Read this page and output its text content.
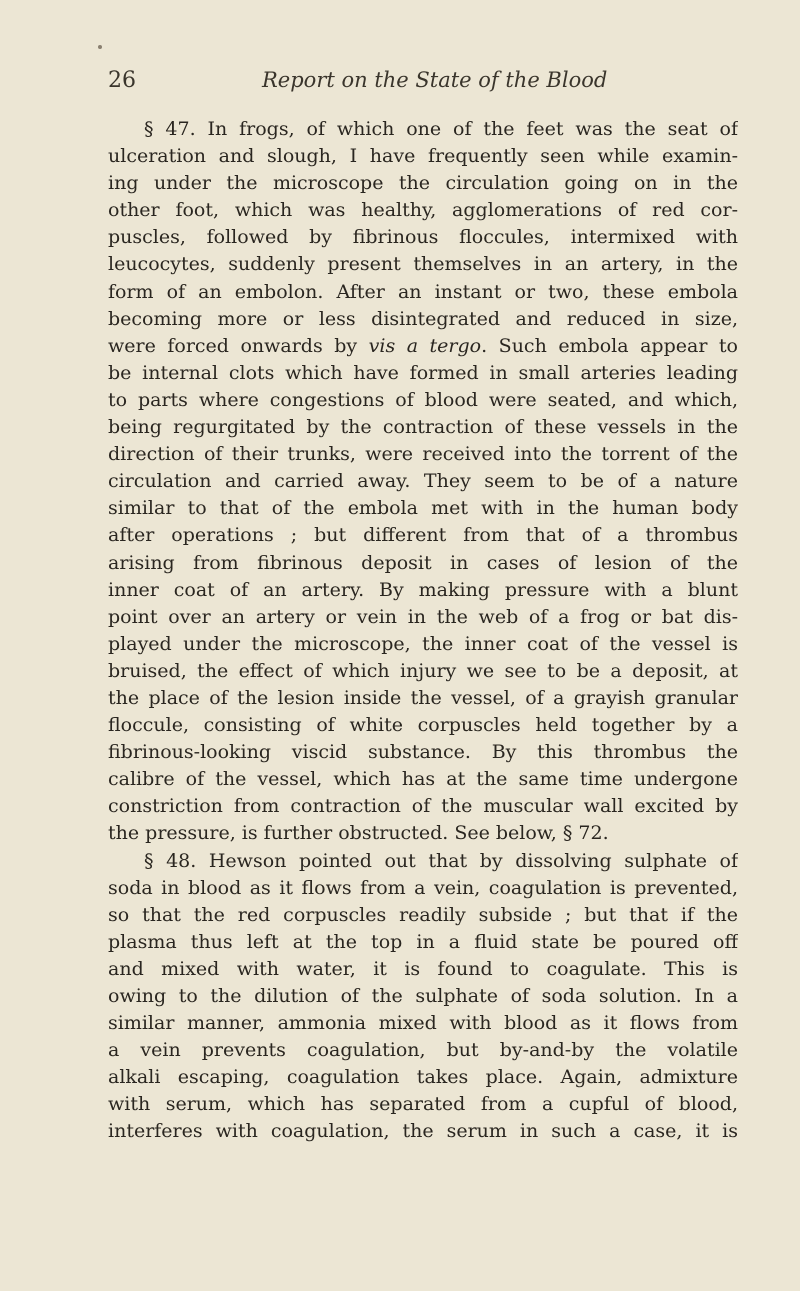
26	Report on the State of the Blood
§ 47. In frogs, of which one of the feet was the seat of
ulceration and slough, I have frequently seen while examin-
ing under the microscope the circulation going on in the
other foot, which was healthy, agglomerations of red cor-
puscles, followed by fibrinous floccules, intermixed with
leucocytes, suddenly present themselves in an artery, in the
form of an embolon. After an instant or two, these embola
becoming more or less disintegrated and reduced in size,
were forced onwards by vis a tergo. Such embola appear to
be internal clots which have formed in small arteries leading
to parts where congestions of blood were seated, and which,
being regurgitated by the contraction of these vessels in the
direction of their trunks, were received into the torrent of the
circulation and carried away. They seem to be of a nature
similar to that of the embola met with in the human body
after operations ; but different from that of a thrombus
arising from fibrinous deposit in cases of lesion of the
inner coat of an artery. By making pressure with a blunt
point over an artery or vein in the web of a frog or bat dis-
played under the microscope, the inner coat of the vessel is
bruised, the effect of which injury we see to be a deposit, at
the place of the lesion inside the vessel, of a grayish granular
floccule, consisting of white corpuscles held together by a
fibrinous-looking viscid substance. By this thrombus the
calibre of the vessel, which has at the same time undergone
constriction from contraction of the muscular wall excited by
the pressure, is further obstructed. See below, § 72.
§ 48. Hewson pointed out that by dissolving sulphate of
soda in blood as it flows from a vein, coagulation is prevented,
so that the red corpuscles readily subside ; but that if the
plasma thus left at the top in a fluid state be poured off
and mixed with water, it is found to coagulate. This is
owing to the dilution of the sulphate of soda solution. In a
similar manner, ammonia mixed with blood as it flows from
a vein prevents coagulation, but by-and-by the volatile
alkali escaping, coagulation takes place. Again, admixture
with serum, which has separated from a cupful of blood,
interferes with coagulation, the serum in such a case, it is
